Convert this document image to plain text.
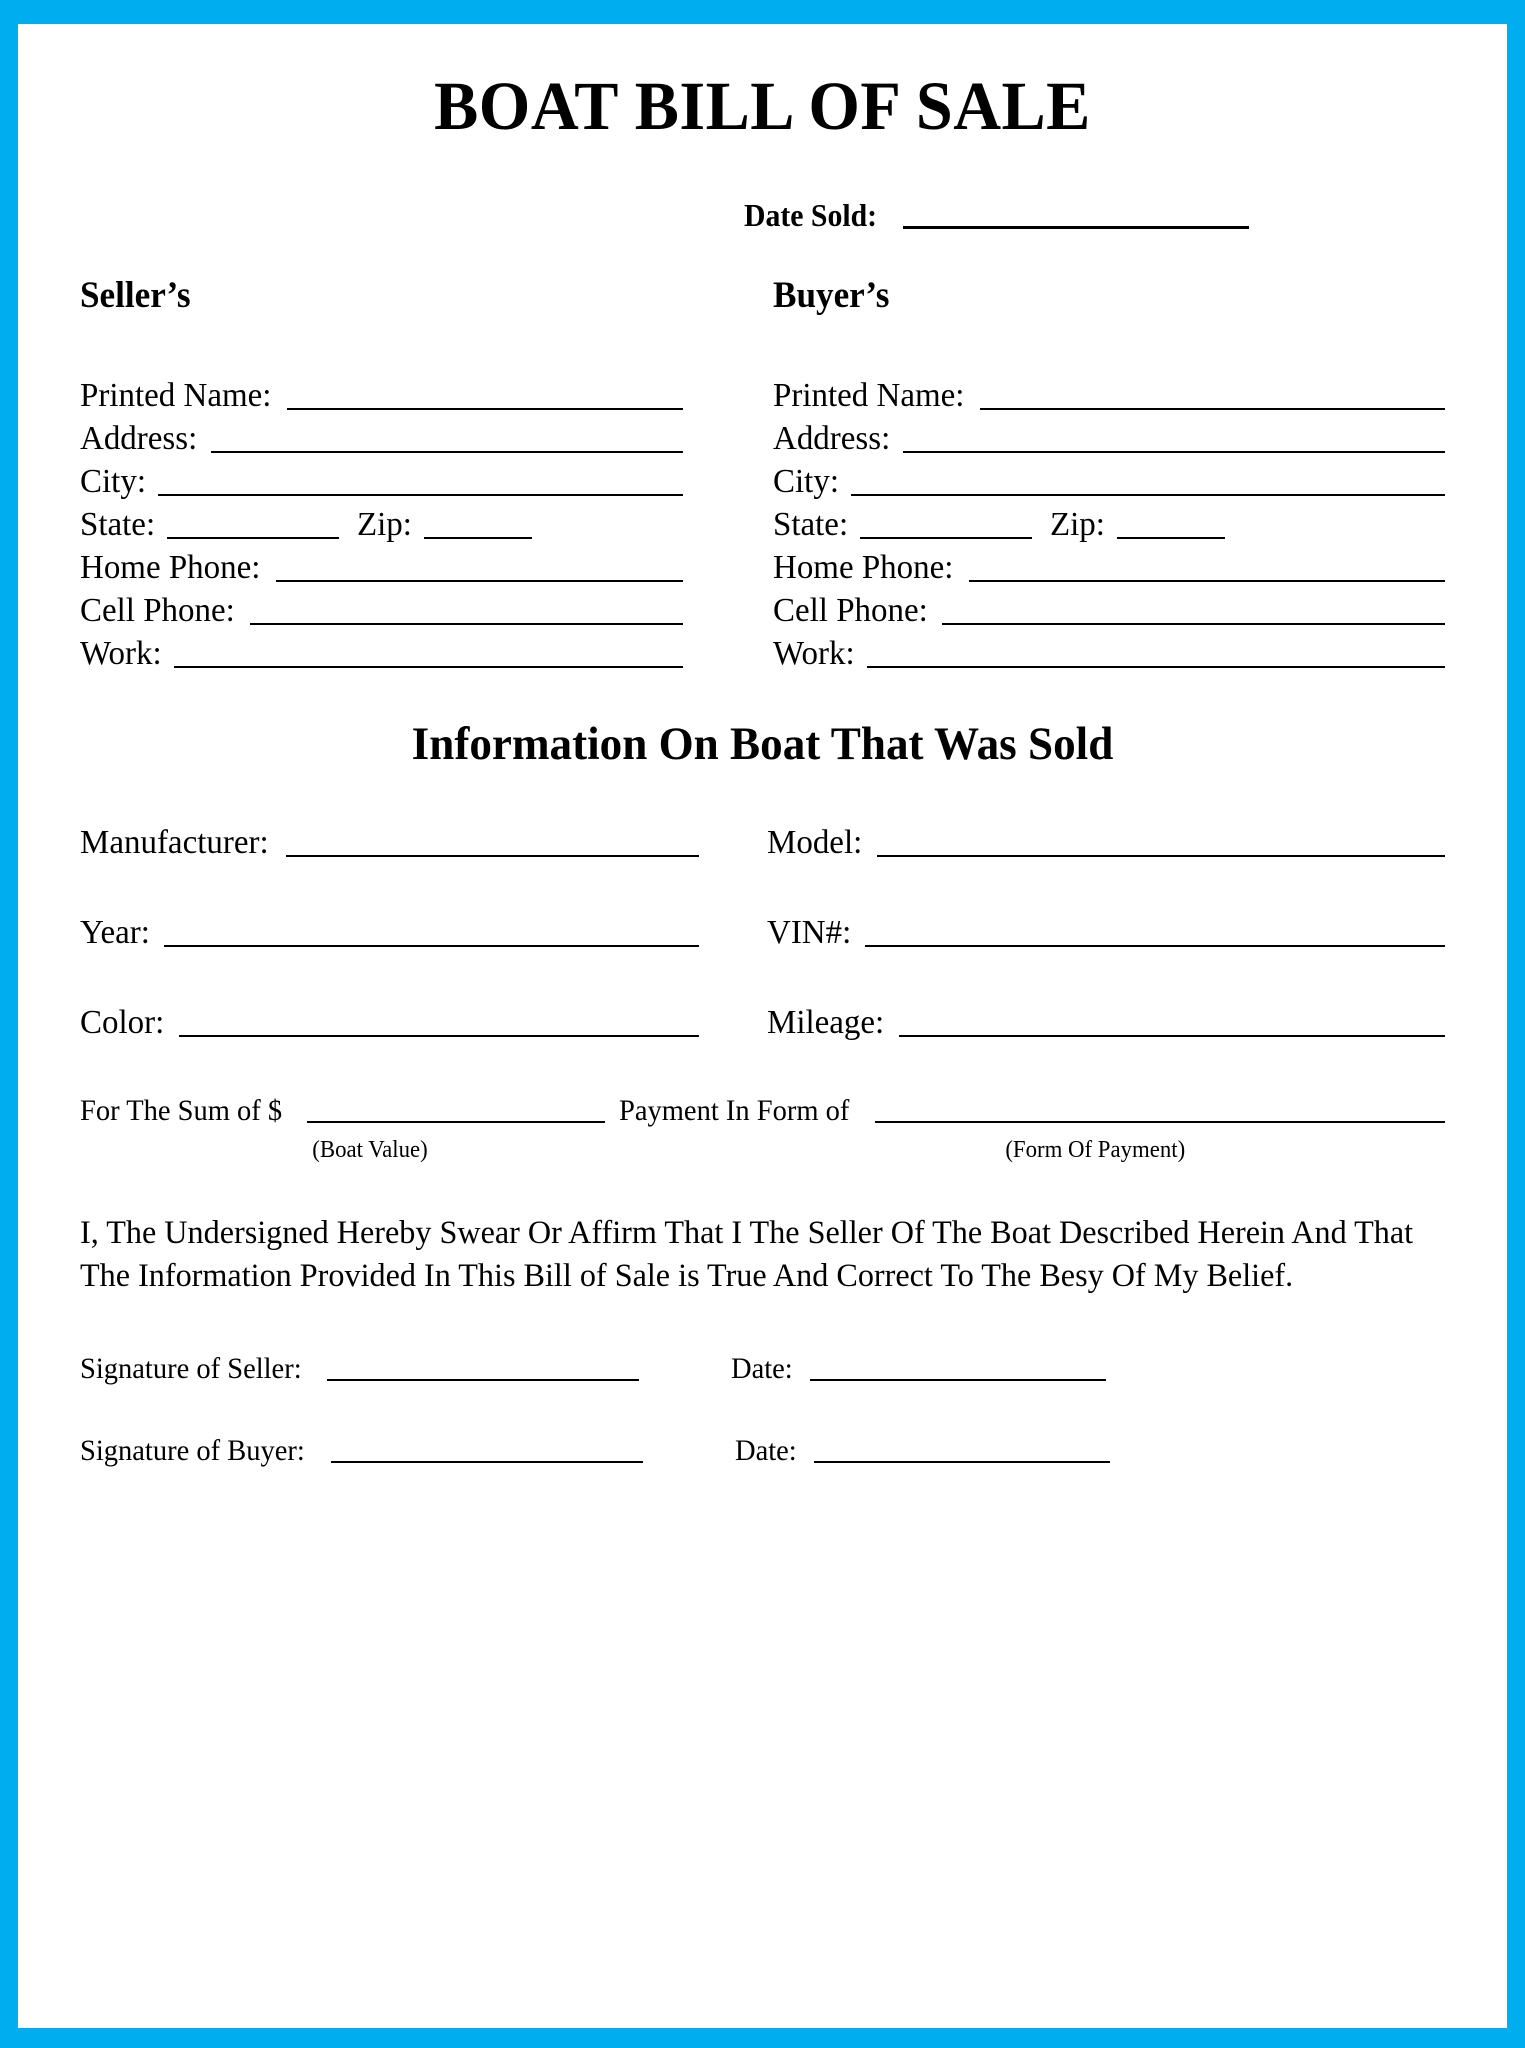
BOAT BILL OF SALE
Date Sold:
Seller’s
Printed Name:
Address:
City:
State:	Zip:
Home Phone:
Cell Phone:
Work:
Buyer’s
Printed Name:
Address:
City:
State:	Zip:
Home Phone:
Cell Phone:
Work:
Information On Boat That Was Sold
Manufacturer:	Model:
Year:	VIN#:
Color:	Mileage:
For The Sum of $	Payment In Form of
(Boat Value)	(Form Of Payment)
I, The Undersigned Hereby Swear Or Affirm That I The Seller Of The Boat Described Herein And That The Information Provided In This Bill of Sale is True And Correct To The Besy Of My Belief.
Signature of Seller:	Date:
Signature of Buyer:	Date:
